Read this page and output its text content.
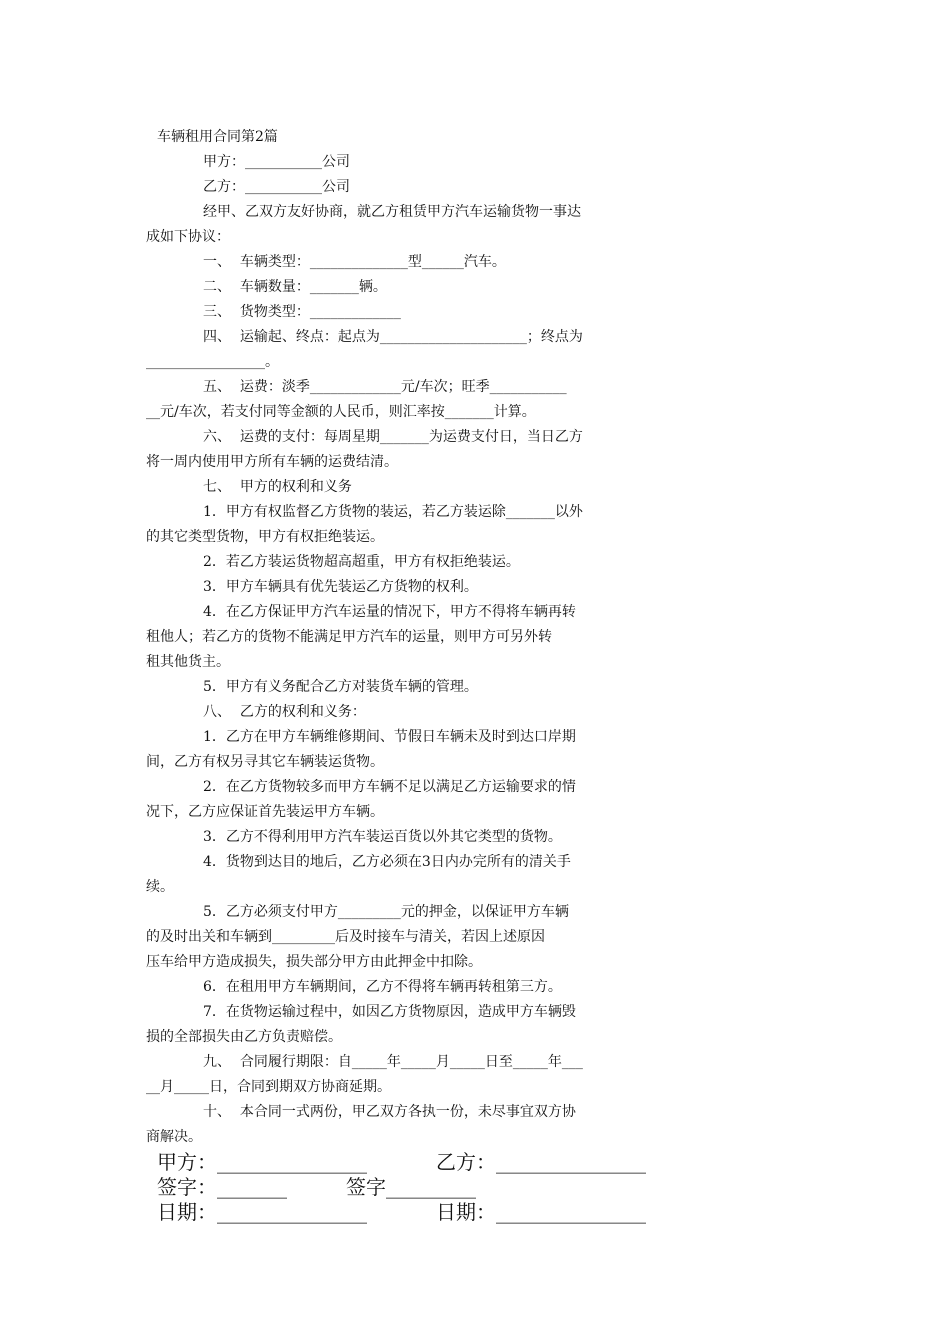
车辆租用合同第2篇
甲方：___________公司
乙方：___________公司
经甲、乙双方友好协商，就乙方租赁甲方汽车运输货物一事达
成如下协议：
一、  车辆类型：______________型______汽车。
二、  车辆数量：_______辆。
三、  货物类型：_____________
四、  运输起、终点：起点为_____________________；终点为
_________________。
五、  运费：淡季_____________元/车次；旺季___________
__元/车次，若支付同等金额的人民币，则汇率按_______计算。
六、  运费的支付：每周星期_______为运费支付日，当日乙方
将一周内使用甲方所有车辆的运费结清。
七、  甲方的权利和义务
1．甲方有权监督乙方货物的装运，若乙方装运除_______以外
的其它类型货物，甲方有权拒绝装运。
2．若乙方装运货物超高超重，甲方有权拒绝装运。
3．甲方车辆具有优先装运乙方货物的权利。
4．在乙方保证甲方汽车运量的情况下，甲方不得将车辆再转
租他人；若乙方的货物不能满足甲方汽车的运量，则甲方可另外转
租其他货主。
5．甲方有义务配合乙方对装货车辆的管理。
八、  乙方的权利和义务：
1．乙方在甲方车辆维修期间、节假日车辆未及时到达口岸期
间，乙方有权另寻其它车辆装运货物。
2．在乙方货物较多而甲方车辆不足以满足乙方运输要求的情
况下，乙方应保证首先装运甲方车辆。
3．乙方不得利用甲方汽车装运百货以外其它类型的货物。
4．货物到达目的地后，乙方必须在3日内办完所有的清关手
续。
5．乙方必须支付甲方_________元的押金，以保证甲方车辆
的及时出关和车辆到_________后及时接车与清关，若因上述原因
压车给甲方造成损失，损失部分甲方由此押金中扣除。
6．在租用甲方车辆期间，乙方不得将车辆再转租第三方。
7．在货物运输过程中，如因乙方货物原因，造成甲方车辆毁
损的全部损失由乙方负责赔偿。
九、  合同履行期限：自_____年_____月_____日至_____年___
__月_____日，合同到期双方协商延期。
十、  本合同一式两份，甲乙双方各执一份，未尽事宜双方协
商解决。
甲方：_______________	乙方：_______________
签字：_______	签字_________
日期：_______________	日期：_______________
